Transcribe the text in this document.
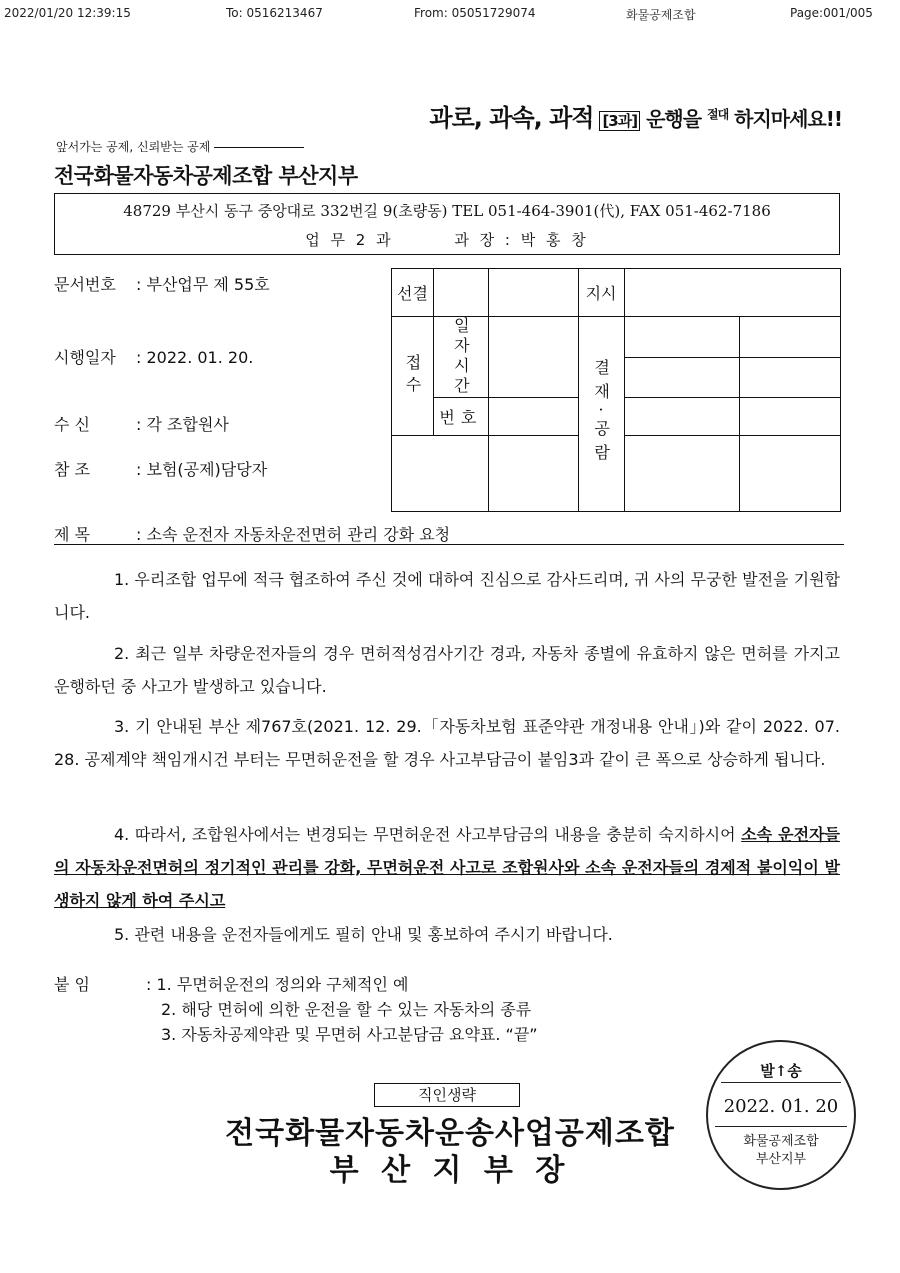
2022/01/20 12:39:15	To: 0516213467	From: 05051729074	화물공제조합	Page:001/005
과로, 과속, 과적 [3과] 운행을 $^{절대}$ 하지마세요!!
앞서가는 공제, 신뢰받는 공제
전국화물자동차공제조합 부산지부
48729 부산시 동구 중앙대로 332번길 9(초량동) TEL 051-464-3901(代), FAX 051-462-7186
업 무 2 과	과 장 : 박 홍 창
문서번호 : 부산업무 제 55호
시행일자 : 2022. 01. 20.
수 신	: 각 조합원사
참 조	: 보험(공제)담당자
선결			지시		
접수	일자시간		결재·공람		

	번호				

제 목	: 소속 운전자 자동차운전면허 관리 강화 요청
1. 우리조합 업무에 적극 협조하여 주신 것에 대하여 진심으로 감사드리며, 귀 사의 무궁한 발전을 기원합니다.
2. 최근 일부 차량운전자들의 경우 면허적성검사기간 경과, 자동차 종별에 유효하지 않은 면허를 가지고 운행하던 중 사고가 발생하고 있습니다.
3. 기 안내된 부산 제767호(2021. 12. 29.「자동차보험 표준약관 개정내용 안내」)와 같이 2022. 07. 28. 공제계약 책임개시건 부터는 무면허운전을 할 경우 사고부담금이 붙임3과 같이 큰 폭으로 상승하게 됩니다.
4. 따라서, 조합원사에서는 변경되는 무면허운전 사고부담금의 내용을 충분히 숙지하시어 소속 운전자들의 자동차운전면허의 정기적인 관리를 강화, 무면허운전 사고로 조합원사와 소속 운전자들의 경제적 불이익이 발생하지 않게 하여 주시고
5. 관련 내용을 운전자들에게도 필히 안내 및 홍보하여 주시기 바랍니다.
붙 임	: 1. 무면허운전의 정의와 구체적인 예
2. 해당 면허에 의한 운전을 할 수 있는 자동차의 종류
3. 자동차공제약관 및 무면허 사고분담금 요약표. “끝”
직인생략
전국화물자동차운송사업공제조합
부 산 지 부 장
발↑송
2022. 01. 20
화물공제조합
부산지부
